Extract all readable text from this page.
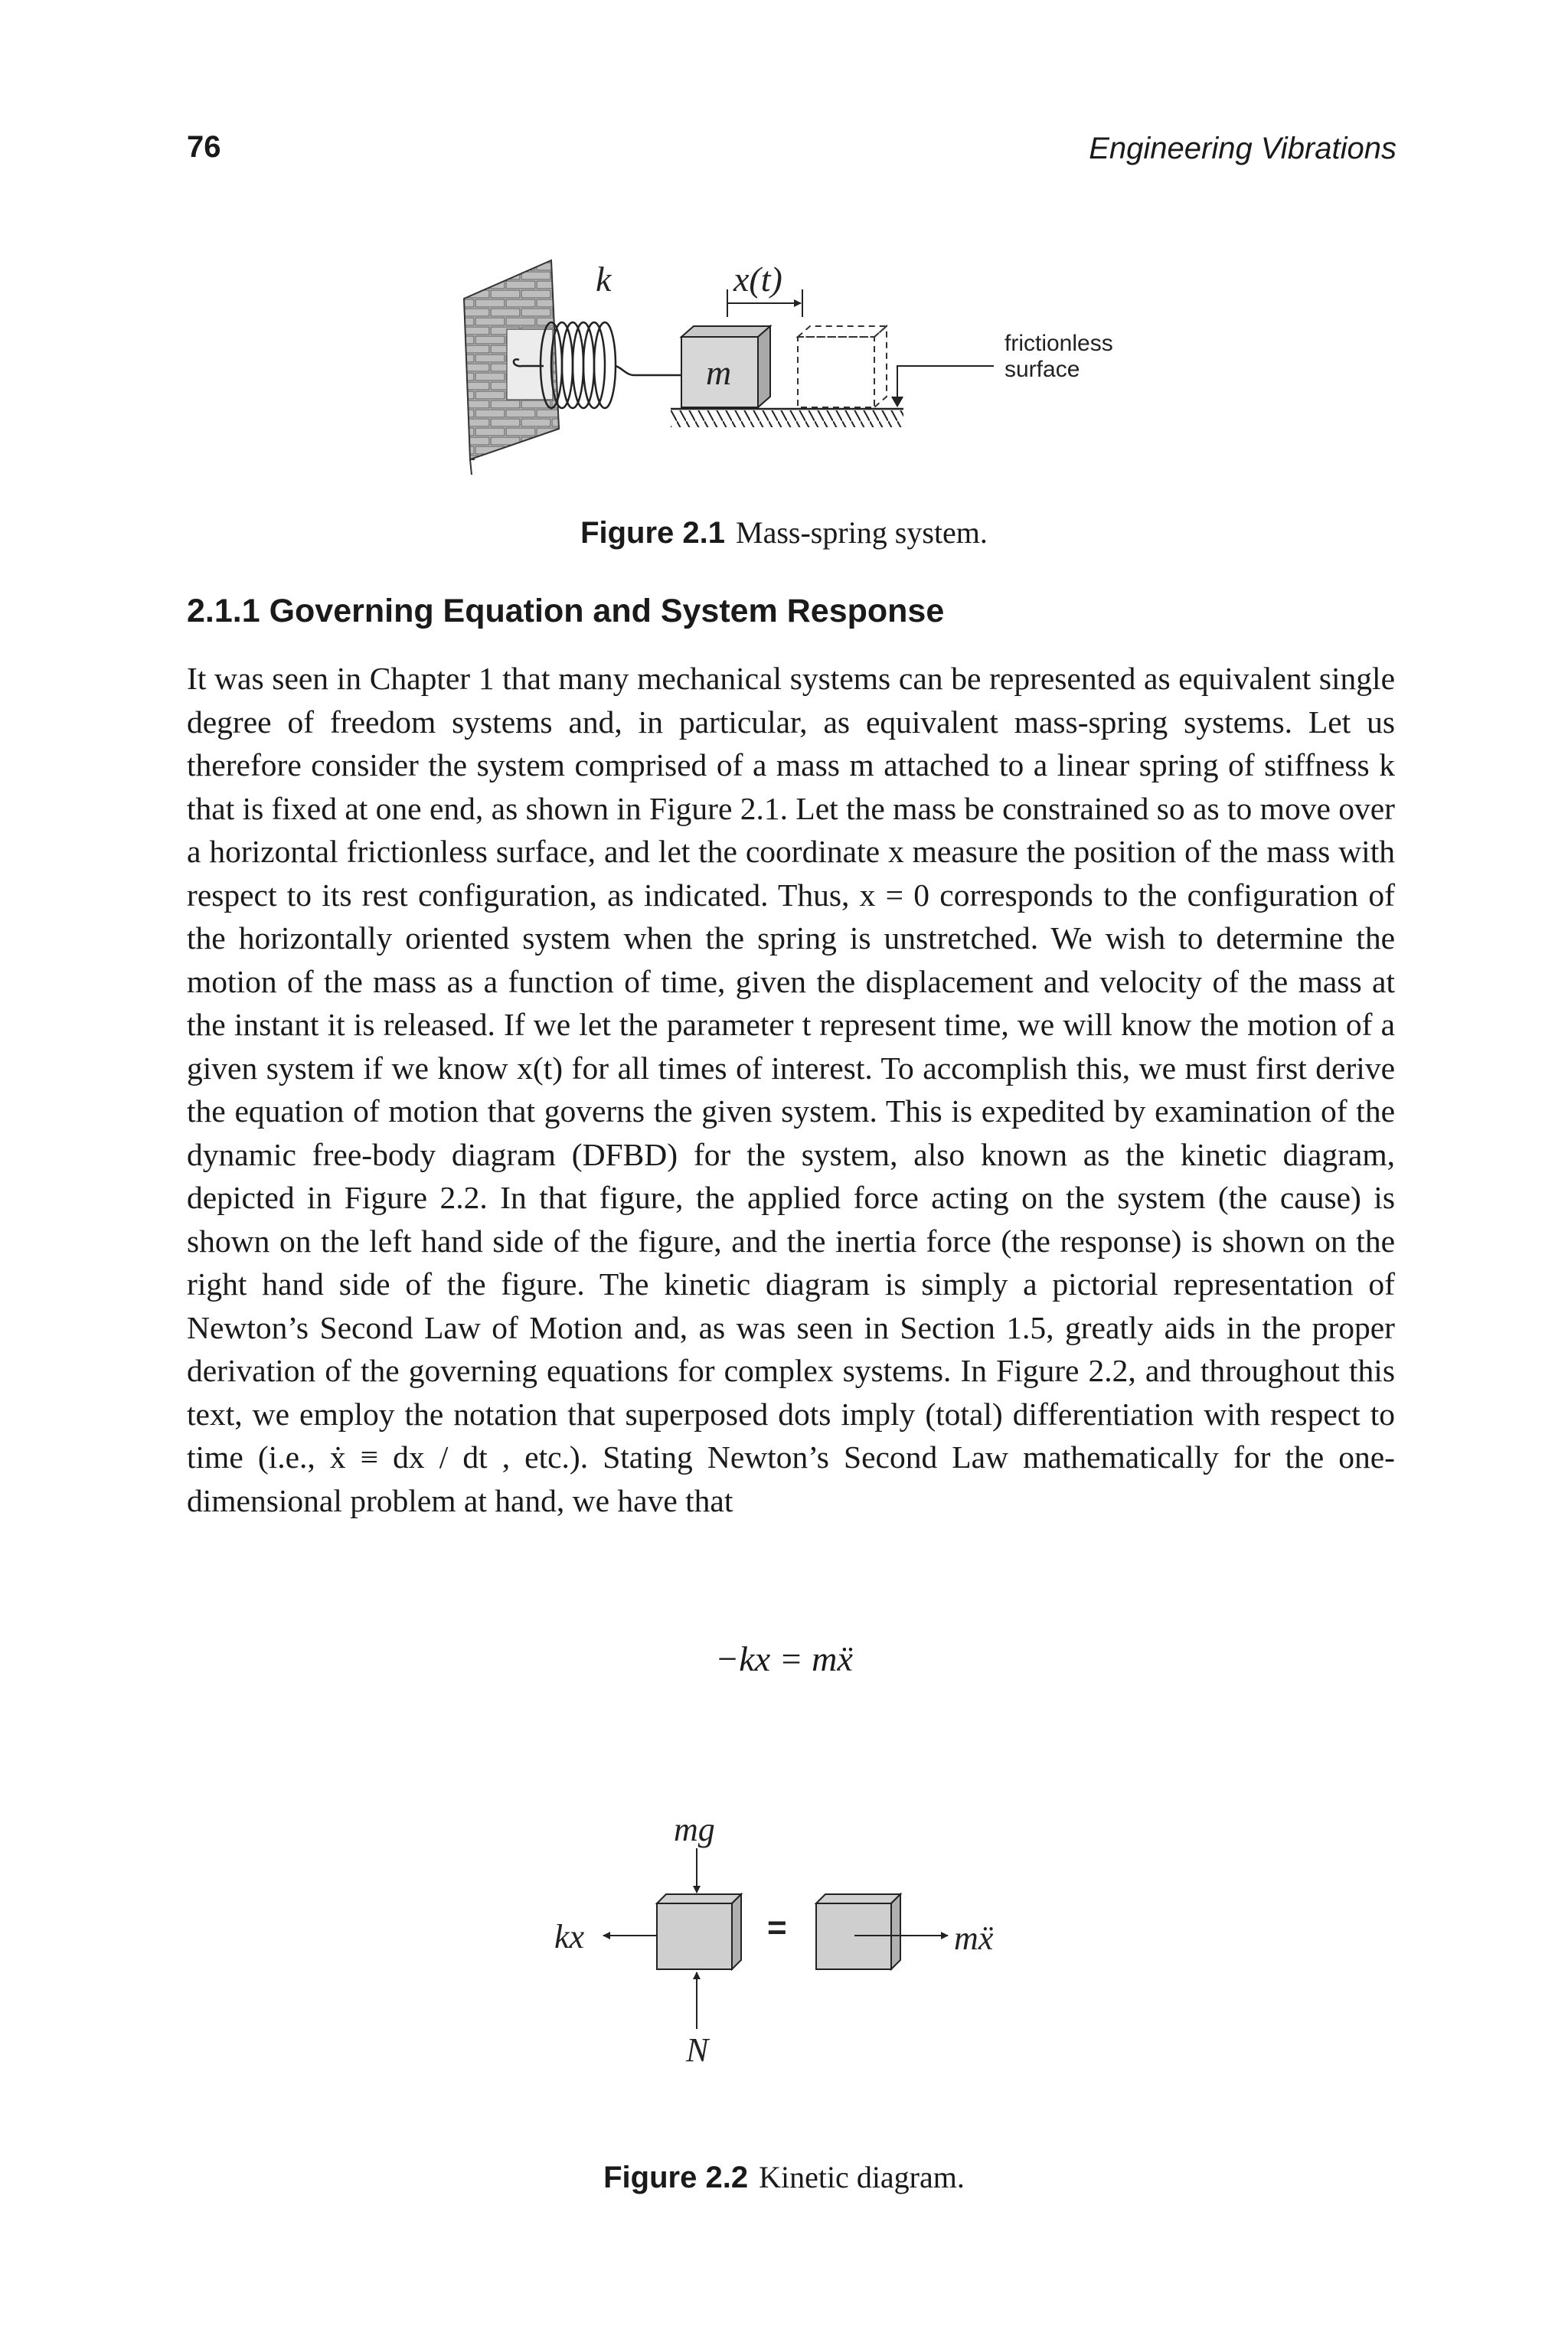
76	Engineering Vibrations
k
m
x(t)
frictionless
surface
Figure 2.1 Mass-spring system.
2.1.1 Governing Equation and System Response

It was seen in Chapter 1 that many mechanical systems can be represented as equivalent single degree of freedom systems and, in particular, as equivalent mass-spring systems. Let us therefore consider the system comprised of a mass m attached to a linear spring of stiffness k that is fixed at one end, as shown in Figure 2.1. Let the mass be constrained so as to move over a horizontal frictionless surface, and let the coordinate x measure the position of the mass with respect to its rest configuration, as indicated. Thus, x = 0 corresponds to the configuration of the horizontally oriented system when the spring is unstretched. We wish to determine the motion of the mass as a function of time, given the displacement and velocity of the mass at the instant it is released. If we let the parameter t represent time, we will know the motion of a given system if we know x(t) for all times of interest. To accomplish this, we must first derive the equation of motion that governs the given system. This is expedited by examination of the dynamic free-body diagram (DFBD) for the system, also known as the kinetic diagram, depicted in Figure 2.2. In that figure, the applied force acting on the system (the cause) is shown on the left hand side of the figure, and the inertia force (the response) is shown on the right hand side of the figure. The kinetic diagram is simply a pictorial representation of Newton’s Second Law of Motion and, as was seen in Section 1.5, greatly aids in the proper derivation of the governing equations for complex systems. In Figure 2.2, and throughout this text, we employ the notation that superposed dots imply (total) differentiation with respect to time (i.e., ẋ ≡ dx / dt , etc.). Stating Newton’s Second Law mathematically for the one-dimensional problem at hand, we have that

−kx = mẍ
mg
kx
N
=	mẍ
Figure 2.2 Kinetic diagram.
